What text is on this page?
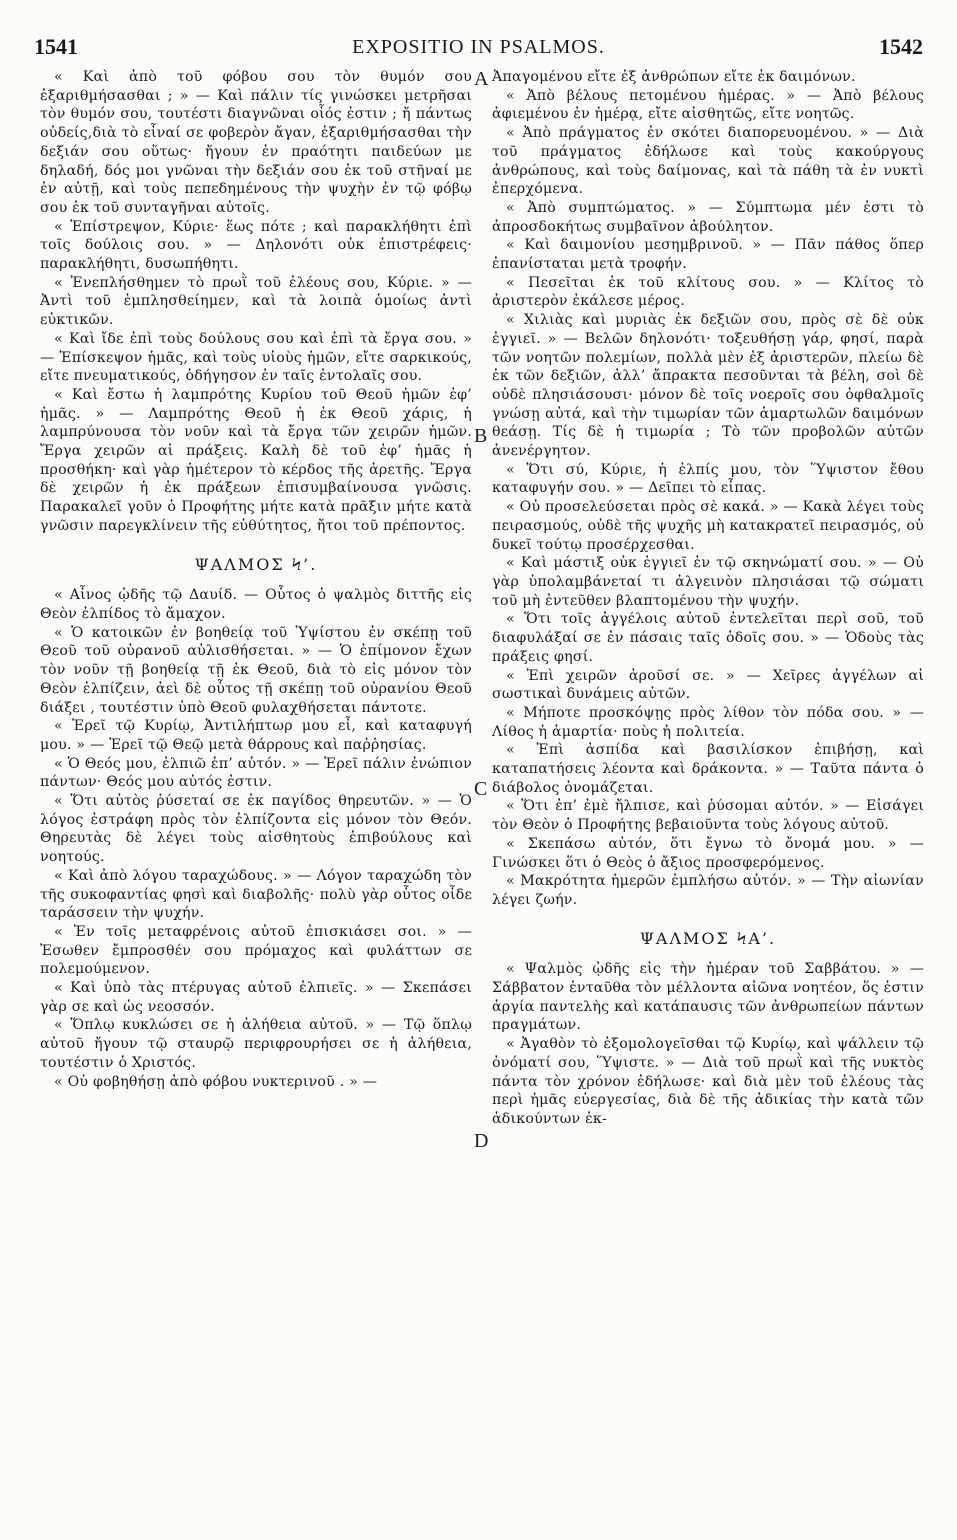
1541	EXPOSITIO IN PSALMOS.	1542

« Καὶ ἀπὸ τοῦ φόβου σου τὸν θυμόν σου ἐξαριθμήσασθαι ; » — Καὶ πάλιν τίς γινώσκει μετρῆσαι τὸν θυμόν σου, τουτέστι διαγνῶναι οἷός ἐστιν ; ἤ πάντως οὐδείς,διὰ τὸ εἶναί σε φοβερὸν ἄγαν, ἐξαριθμήσασθαι τὴν δεξιάν σου οὕτως· ἤγουν ἐν πραότητι παιδεύων με δηλαδή, δός μοι γνῶναι τὴν δεξιάν σου ἐκ τοῦ στῆναί με ἐν αὐτῇ, καὶ τοὺς πεπεδημένους τὴν ψυχὴν ἐν τῷ φόβῳ σου ἐκ τοῦ συνταγῆναι αὐτοῖς.

« Ἐπίστρεψον, Κύριε· ἕως πότε ; καὶ παρακλήθητι ἐπὶ τοῖς δούλοις σου. » — Δηλονότι οὐκ ἐπιστρέφεις· παρακλήθητι, δυσωπήθητι.

« Ἐνεπλήσθημεν τὸ πρωῒ τοῦ ἐλέους σου, Κύριε. » — Ἀντὶ τοῦ ἐμπλησθείημεν, καὶ τὰ λοιπὰ ὁμοίως ἀντὶ εὐκτικῶν.

« Καὶ ἴδε ἐπὶ τοὺς δούλους σου καὶ ἐπὶ τὰ ἔργα σου. » — Ἐπίσκεψον ἡμᾶς, καὶ τοὺς υἱοὺς ἡμῶν, εἴτε σαρκικούς, εἴτε πνευματικούς, ὁδήγησον ἐν ταῖς ἐντολαῖς σου.

« Καὶ ἔστω ἡ λαμπρότης Κυρίου τοῦ Θεοῦ ἡμῶν ἐφ’ ἡμᾶς. » — Λαμπρότης Θεοῦ ἡ ἐκ Θεοῦ χάρις, ἡ λαμπρύνουσα τὸν νοῦν καὶ τὰ ἔργα τῶν χειρῶν ἡμῶν. Ἔργα χειρῶν αἱ πράξεις. Καλὴ δὲ τοῦ ἐφ’ ἡμᾶς ἡ προσθήκη· καὶ γὰρ ἡμέτερον τὸ κέρδος τῆς ἀρετῆς. Ἔργα δὲ χειρῶν ἡ ἐκ πράξεων ἐπισυμβαίνουσα γνῶσις. Παρακαλεῖ γοῦν ὁ Προφήτης μήτε κατὰ πρᾶξιν μήτε κατὰ γνῶσιν παρεγκλίνειν τῆς εὐθύτητος, ἤτοι τοῦ πρέποντος.

ΨΑΛΜΟΣ Ϟ’.

« Αἶνος ᾠδῆς τῷ Δαυίδ. — Οὗτος ὁ ψαλμὸς διττῆς εἰς Θεὸν ἐλπίδος τὸ ἄμαχον.

« Ὁ κατοικῶν ἐν βοηθείᾳ τοῦ Ὑψίστου ἐν σκέπῃ τοῦ Θεοῦ τοῦ οὐρανοῦ αὐλισθήσεται. » — Ὁ ἐπίμονον ἔχων τὸν νοῦν τῇ βοηθείᾳ τῇ ἐκ Θεοῦ, διὰ τὸ εἰς μόνον τὸν Θεὸν ἐλπίζειν, ἀεὶ δὲ οὗτος τῇ σκέπῃ τοῦ οὐρανίου Θεοῦ διάξει , τουτέστιν ὑπὸ Θεοῦ φυλαχθήσεται πάντοτε.

« Ἐρεῖ τῷ Κυρίῳ, Ἀντιλήπτωρ μου εἶ, καὶ καταφυγή μου. » — Ἐρεῖ τῷ Θεῷ μετὰ θάρρους καὶ παῤῥησίας.

« Ὁ Θεός μου, ἐλπιῶ ἐπ’ αὐτόν. » — Ἐρεῖ πάλιν ἐνώπιον πάντων· Θεός μου αὐτός ἐστιν.

« Ὅτι αὐτὸς ῥύσεταί σε ἐκ παγίδος θηρευτῶν. » — Ὁ λόγος ἐστράφη πρὸς τὸν ἐλπίζοντα εἰς μόνον τὸν Θεόν. Θηρευτὰς δὲ λέγει τοὺς αἰσθητοὺς ἐπιβούλους καὶ νοητούς.

« Καὶ ἀπὸ λόγου ταραχώδους. » — Λόγον ταραχώδη τὸν τῆς συκοφαντίας φησὶ καὶ διαβολῆς· πολὺ γὰρ οὗτος οἶδε ταράσσειν τὴν ψυχήν.

« Ἐν τοῖς μεταφρένοις αὐτοῦ ἐπισκιάσει σοι. » — Ἐσωθεν ἔμπροσθέν σου πρόμαχος καὶ φυλάττων σε πολεμούμενον.

« Καὶ ὑπὸ τὰς πτέρυγας αὐτοῦ ἐλπιεῖς. » — Σκεπάσει γὰρ σε καὶ ὡς νεοσσόν.

« Ὅπλῳ κυκλώσει σε ἡ ἀλήθεια αὐτοῦ. » — Τῷ ὅπλῳ αὐτοῦ ἤγουν τῷ σταυρῷ περιφρουρήσει σε ἡ ἀλήθεια, τουτέστιν ὁ Χριστός.

« Οὐ φοβηθήσῃ ἀπὸ φόβου νυκτερινοῦ . » —

Ἀπαγομένου εἴτε ἐξ ἀνθρώπων εἴτε ἐκ δαιμόνων.

« Ἀπὸ βέλους πετομένου ἡμέρας. » — Ἀπὸ βέλους ἀφιεμένου ἐν ἡμέρᾳ, εἴτε αἰσθητῶς, εἴτε νοητῶς.

« Ἀπὸ πράγματος ἐν σκότει διαπορευομένου. » — Διὰ τοῦ πράγματος ἐδήλωσε καὶ τοὺς κακούργους ἀνθρώπους, καὶ τοὺς δαίμονας, καὶ τὰ πάθη τὰ ἐν νυκτὶ ἐπερχόμενα.

« Ἀπὸ συμπτώματος. » — Σύμπτωμα μέν ἐστι τὸ ἀπροσδοκήτως συμβαῖνον ἀβούλητον.

« Καὶ δαιμονίου μεσημβρινοῦ. » — Πᾶν πάθος ὅπερ ἐπανίσταται μετὰ τροφήν.

« Πεσεῖται ἐκ τοῦ κλίτους σου. » — Κλίτος τὸ ἀριστερὸν ἐκάλεσε μέρος.

« Χιλιὰς καὶ μυριὰς ἐκ δεξιῶν σου, πρὸς σὲ δὲ οὐκ ἐγγιεῖ. » — Βελῶν δηλονότι· τοξευθήσῃ γάρ, φησί, παρὰ τῶν νοητῶν πολεμίων, πολλὰ μὲν ἐξ ἀριστερῶν, πλείω δὲ ἐκ τῶν δεξιῶν, ἀλλ’ ἄπρακτα πεσοῦνται τὰ βέλη, σοὶ δὲ οὐδὲ πλησιάσουσι· μόνον δὲ τοῖς νοεροῖς σου ὀφθαλμοῖς γνώσῃ αὐτά, καὶ τὴν τιμωρίαν τῶν ἁμαρτωλῶν δαιμόνων θεάσῃ. Τίς δὲ ἡ τιμωρία ; Τὸ τῶν προβολῶν αὐτῶν ἀνενέργητον.

« Ὅτι σύ, Κύριε, ἡ ἐλπίς μου, τὸν Ὕψιστον ἔθου καταφυγήν σου. » — Δεῖπει τὸ εἶπας.

« Οὐ προσελεύσεται πρὸς σὲ κακά. » — Κακὰ λέγει τοὺς πειρασμούς, οὐδὲ τῆς ψυχῆς μὴ κατακρατεῖ πειρασμός, οὐ δυκεῖ τούτῳ προσέρχεσθαι.

« Καὶ μάστιξ οὐκ ἐγγιεῖ ἐν τῷ σκηνώματί σου. » — Οὐ γὰρ ὑπολαμβάνεταί τι ἀλγεινὸν πλησιάσαι τῷ σώματι τοῦ μὴ ἐντεῦθεν βλαπτομένου τὴν ψυχήν.

« Ὅτι τοῖς ἀγγέλοις αὐτοῦ ἐντελεῖται περὶ σοῦ, τοῦ διαφυλάξαί σε ἐν πάσαις ταῖς ὁδοῖς σου. » — Ὁδοὺς τὰς πράξεις φησί.

« Ἐπὶ χειρῶν ἀροῦσί σε. » — Χεῖρες ἀγγέλων αἱ σωστικαὶ δυνάμεις αὐτῶν.

« Μήποτε προσκόψῃς πρὸς λίθον τὸν πόδα σου. » — Λίθος ἡ ἁμαρτία· ποὺς ἡ πολιτεία.

« Ἐπὶ ἀσπίδα καὶ βασιλίσκον ἐπιβήσῃ, καὶ καταπατήσεις λέοντα καὶ δράκοντα. » — Ταῦτα πάντα ὁ διάβολος ὀνομάζεται.

« Ὅτι ἐπ’ ἐμὲ ἤλπισε, καὶ ῥύσομαι αὐτόν. » — Εἰσάγει τὸν Θεὸν ὁ Προφήτης βεβαιοῦντα τοὺς λόγους αὐτοῦ.

« Σκεπάσω αὐτόν, ὅτι ἔγνω τὸ ὄνομά μου. » — Γινώσκει ὅτι ὁ Θεὸς ὁ ἄξιος προσφερόμενος.

« Μακρότητα ἡμερῶν ἐμπλήσω αὐτόν. » — Τὴν αἰωνίαν λέγει ζωήν.

ΨΑΛΜΟΣ ϞΑ’.

« Ψαλμὸς ᾠδῆς εἰς τὴν ἡμέραν τοῦ Σαββάτου. » — Σάββατον ἐνταῦθα τὸν μέλλοντα αἰῶνα νοητέον, ὅς ἐστιν ἀργία παντελὴς καὶ κατάπαυσις τῶν ἀνθρωπείων πάντων πραγμάτων.

« Ἀγαθὸν τὸ ἐξομολογεῖσθαι τῷ Κυρίῳ, καὶ ψάλλειν τῷ ὀνόματί σου, Ὕψιστε. » — Διὰ τοῦ πρωῒ καὶ τῆς νυκτὸς πάντα τὸν χρόνον ἐδήλωσε· καὶ διὰ μὲν τοῦ ἐλέους τὰς περὶ ἡμᾶς εὐεργεσίας, διὰ δὲ τῆς ἀδικίας τὴν κατὰ τῶν ἀδικούντων ἐκ-

A
B
C
D
